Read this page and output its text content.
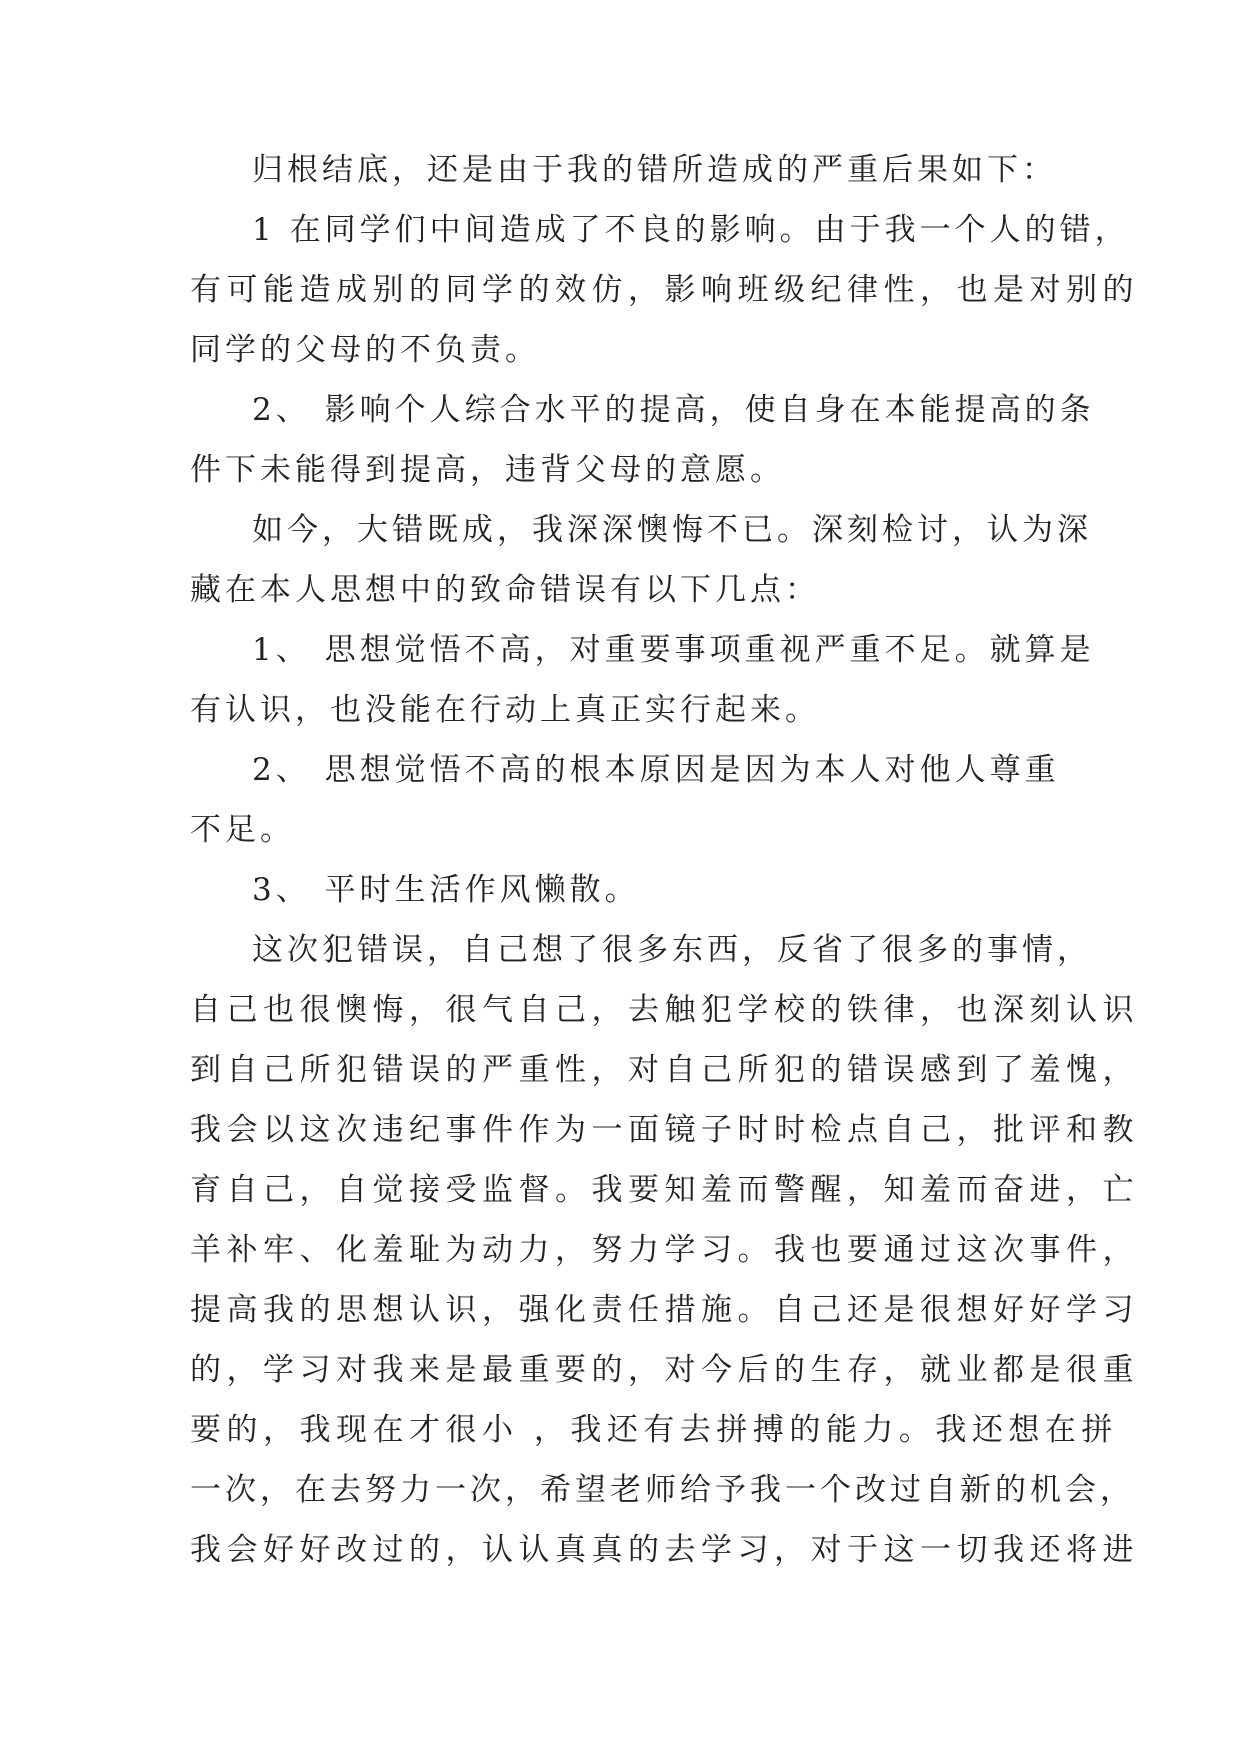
归根结底，还是由于我的错所造成的严重后果如下：

1 在同学们中间造成了不良的影响。由于我一个人的错，

有可能造成别的同学的效仿，影响班级纪律性，也是对别的

同学的父母的不负责。

2、 影响个人综合水平的提高，使自身在本能提高的条

件下未能得到提高，违背父母的意愿。

如今，大错既成，我深深懊悔不已。深刻检讨，认为深

藏在本人思想中的致命错误有以下几点：

1、 思想觉悟不高，对重要事项重视严重不足。就算是

有认识，也没能在行动上真正实行起来。

2、 思想觉悟不高的根本原因是因为本人对他人尊重

不足。

3、 平时生活作风懒散。

这次犯错误，自己想了很多东西，反省了很多的事情，

自己也很懊悔，很气自己，去触犯学校的铁律，也深刻认识

到自己所犯错误的严重性，对自己所犯的错误感到了羞愧，

我会以这次违纪事件作为一面镜子时时检点自己，批评和教

育自己，自觉接受监督。我要知羞而警醒，知羞而奋进，亡

羊补牢、化羞耻为动力，努力学习。我也要通过这次事件，

提高我的思想认识，强化责任措施。自己还是很想好好学习

的，学习对我来是最重要的，对今后的生存，就业都是很重

要的，我现在才很小 ，我还有去拼搏的能力。我还想在拼

一次，在去努力一次，希望老师给予我一个改过自新的机会，

我会好好改过的，认认真真的去学习，对于这一切我还将进
